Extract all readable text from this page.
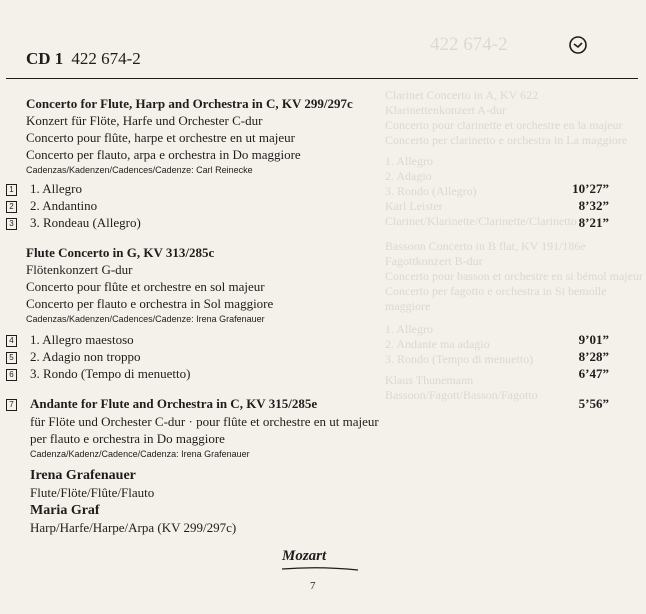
422 674-2
Clarinet Concerto in A, KV 622
Klarinettenkonzert A-dur
Concerto pour clarinette et orchestre en la majeur
Concerto per clarinetto e orchestra in La maggiore
1. Allegro
2. Adagio
3. Rondo (Allegro)
Karl Leister
Clarinet/Klarinette/Clarinette/Clarinetto
Bassoon Concerto in B flat, KV 191/186e
Fagottkonzert B-dur
Concerto pour basson et orchestre en si bémol majeur
Concerto per fagotto e orchestra in Si bemolle maggiore
1. Allegro
2. Andante ma adagio
3. Rondo (Tempo di menuetto)
Klaus Thunemann
Bassoon/Fagott/Basson/Fagotto
CD 1 422 674-2
Concerto for Flute, Harp and Orchestra in C, KV 299/297c
Konzert für Flöte, Harfe und Orchester C-dur
Concerto pour flûte, harpe et orchestre en ut majeur
Concerto per flauto, arpa e orchestra in Do maggiore
Cadenzas/Kadenzen/Cadences/Cadenze: Carl Reinecke
1 1. Allegro	10’27”
2 2. Andantino	8’32”
3 3. Rondeau (Allegro)	8’21”
Flute Concerto in G, KV 313/285c
Flötenkonzert G-dur
Concerto pour flûte et orchestre en sol majeur
Concerto per flauto e orchestra in Sol maggiore
Cadenzas/Kadenzen/Cadences/Cadenze: Irena Grafenauer
4 1. Allegro maestoso	9’01”
5 2. Adagio non troppo	8’28”
6 3. Rondo (Tempo di menuetto)	6’47”
7 Andante for Flute and Orchestra in C, KV 315/285e	5’56”
für Flöte und Orchester C-dur · pour flûte et orchestre en ut majeur
per flauto e orchestra in Do maggiore
Cadenza/Kadenz/Cadence/Cadenza: Irena Grafenauer
Irena Grafenauer
Flute/Flöte/Flûte/Flauto
Maria Graf
Harp/Harfe/Harpe/Arpa (KV 299/297c)
Mozart
7
